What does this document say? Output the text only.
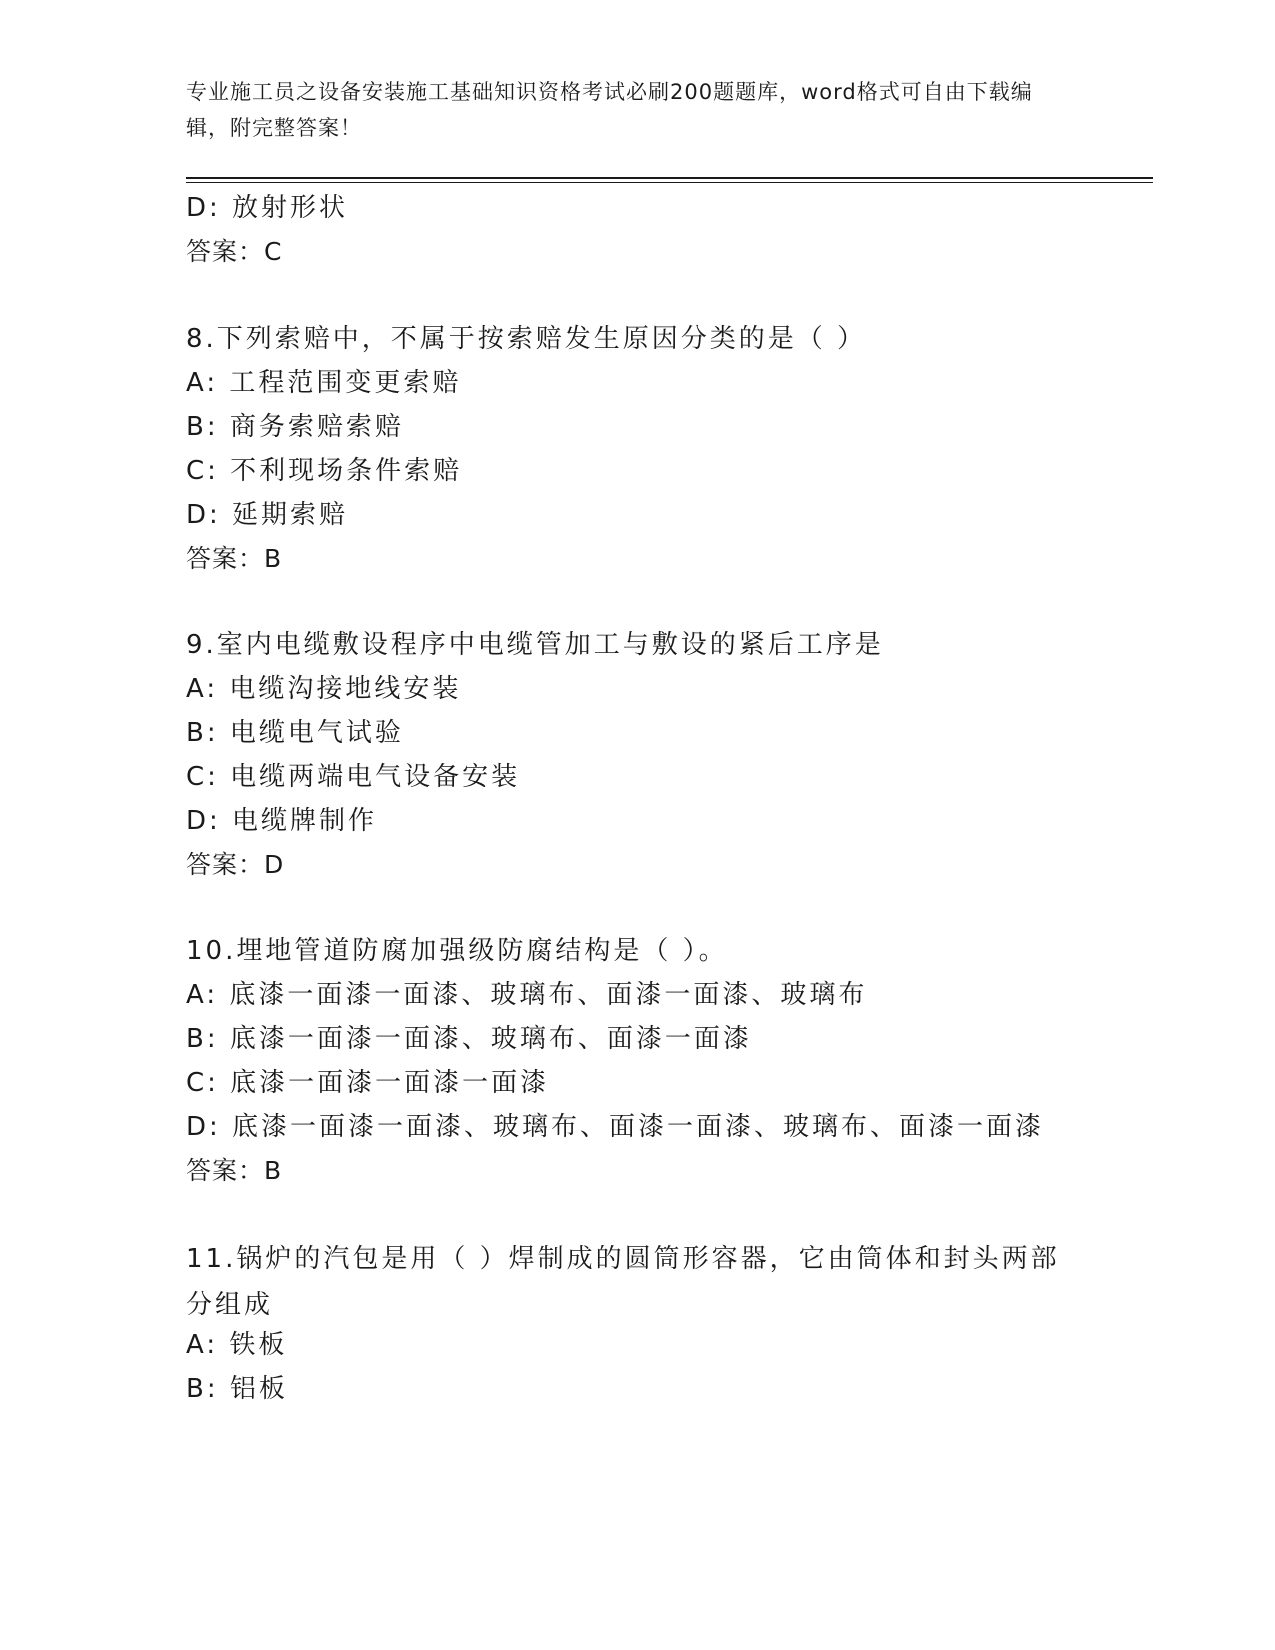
专业施工员之设备安装施工基础知识资格考试必刷200题题库，word格式可自由下载编辑，附完整答案！
D: 放射形状
答案：C
8.下列索赔中，不属于按索赔发生原因分类的是（ ）
A: 工程范围变更索赔
B: 商务索赔索赔
C: 不利现场条件索赔
D: 延期索赔
答案：B
9.室内电缆敷设程序中电缆管加工与敷设的紧后工序是
A: 电缆沟接地线安装
B: 电缆电气试验
C: 电缆两端电气设备安装
D: 电缆牌制作
答案：D
10.埋地管道防腐加强级防腐结构是（ ）。
A: 底漆一面漆一面漆、玻璃布、面漆一面漆、玻璃布
B: 底漆一面漆一面漆、玻璃布、面漆一面漆
C: 底漆一面漆一面漆一面漆
D: 底漆一面漆一面漆、玻璃布、面漆一面漆、玻璃布、面漆一面漆
答案：B
11.锅炉的汽包是用（ ）焊制成的圆筒形容器，它由筒体和封头两部分组成
A: 铁板
B: 铝板
